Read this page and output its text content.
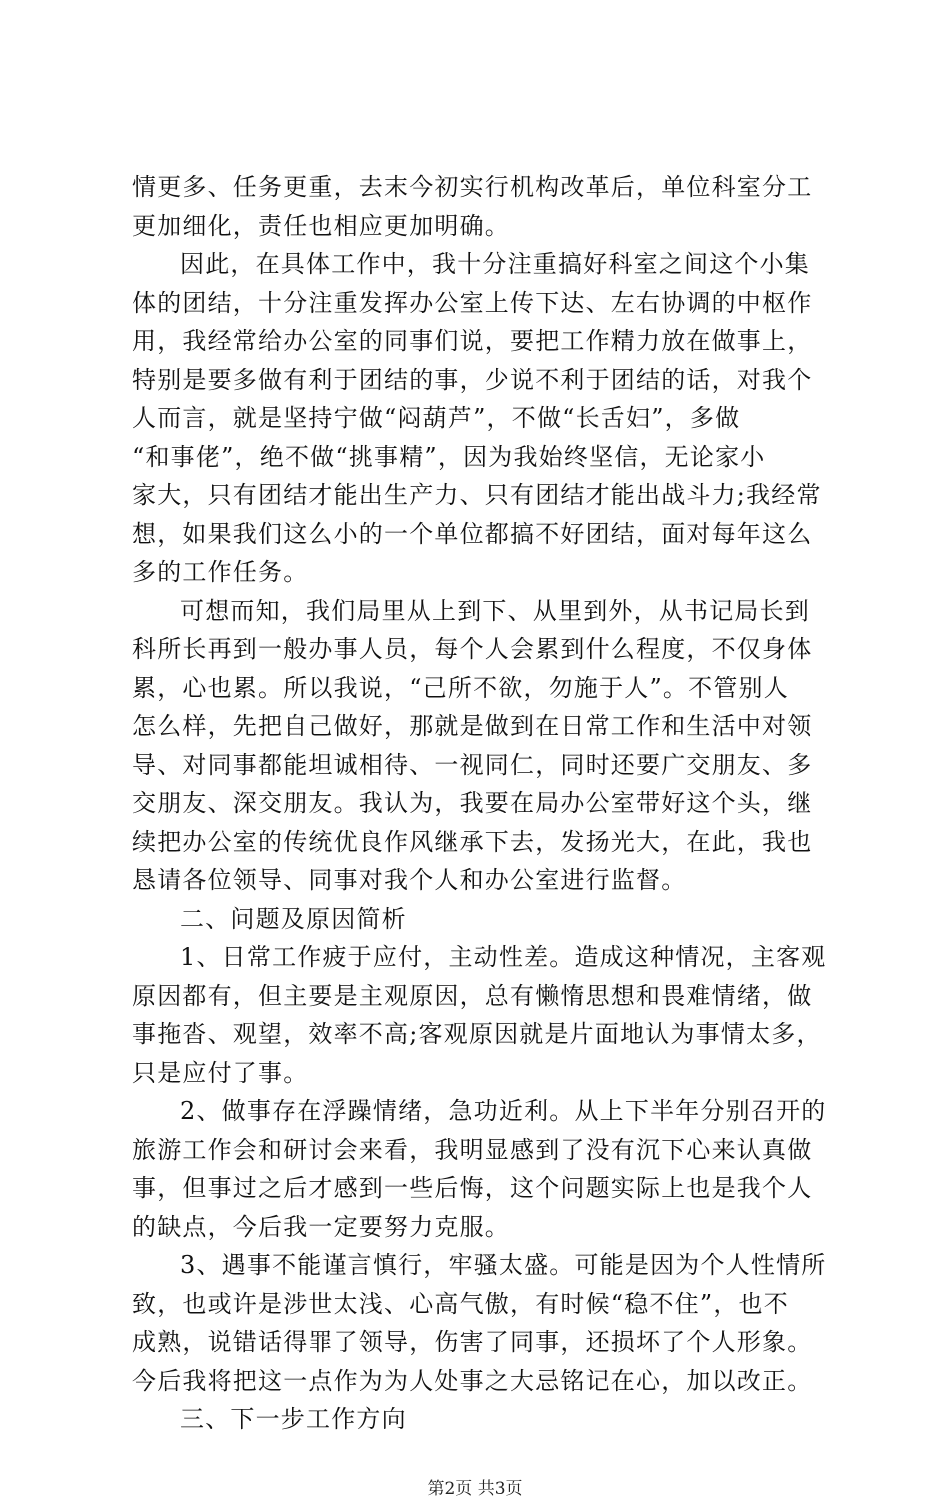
情更多、任务更重，去末今初实行机构改革后，单位科室分工
更加细化，责任也相应更加明确。
因此，在具体工作中，我十分注重搞好科室之间这个小集
体的团结，十分注重发挥办公室上传下达、左右协调的中枢作
用，我经常给办公室的同事们说，要把工作精力放在做事上，
特别是要多做有利于团结的事，少说不利于团结的话，对我个
人而言，就是坚持宁做“闷葫芦”，不做“长舌妇”，多做
“和事佬”，绝不做“挑事精”，因为我始终坚信，无论家小
家大，只有团结才能出生产力、只有团结才能出战斗力;我经常
想，如果我们这么小的一个单位都搞不好团结，面对每年这么
多的工作任务。
可想而知，我们局里从上到下、从里到外，从书记局长到
科所长再到一般办事人员，每个人会累到什么程度，不仅身体
累，心也累。所以我说，“己所不欲，勿施于人”。不管别人
怎么样，先把自己做好，那就是做到在日常工作和生活中对领
导、对同事都能坦诚相待、一视同仁，同时还要广交朋友、多
交朋友、深交朋友。我认为，我要在局办公室带好这个头，继
续把办公室的传统优良作风继承下去，发扬光大，在此，我也
恳请各位领导、同事对我个人和办公室进行监督。
二、问题及原因简析
1、日常工作疲于应付，主动性差。造成这种情况，主客观
原因都有，但主要是主观原因，总有懒惰思想和畏难情绪，做
事拖沓、观望，效率不高;客观原因就是片面地认为事情太多，
只是应付了事。
2、做事存在浮躁情绪，急功近利。从上下半年分别召开的
旅游工作会和研讨会来看，我明显感到了没有沉下心来认真做
事，但事过之后才感到一些后悔，这个问题实际上也是我个人
的缺点，今后我一定要努力克服。
3、遇事不能谨言慎行，牢骚太盛。可能是因为个人性情所
致，也或许是涉世太浅、心高气傲，有时候“稳不住”，也不
成熟，说错话得罪了领导，伤害了同事，还损坏了个人形象。
今后我将把这一点作为为人处事之大忌铭记在心，加以改正。
三、下一步工作方向
第2页 共3页
